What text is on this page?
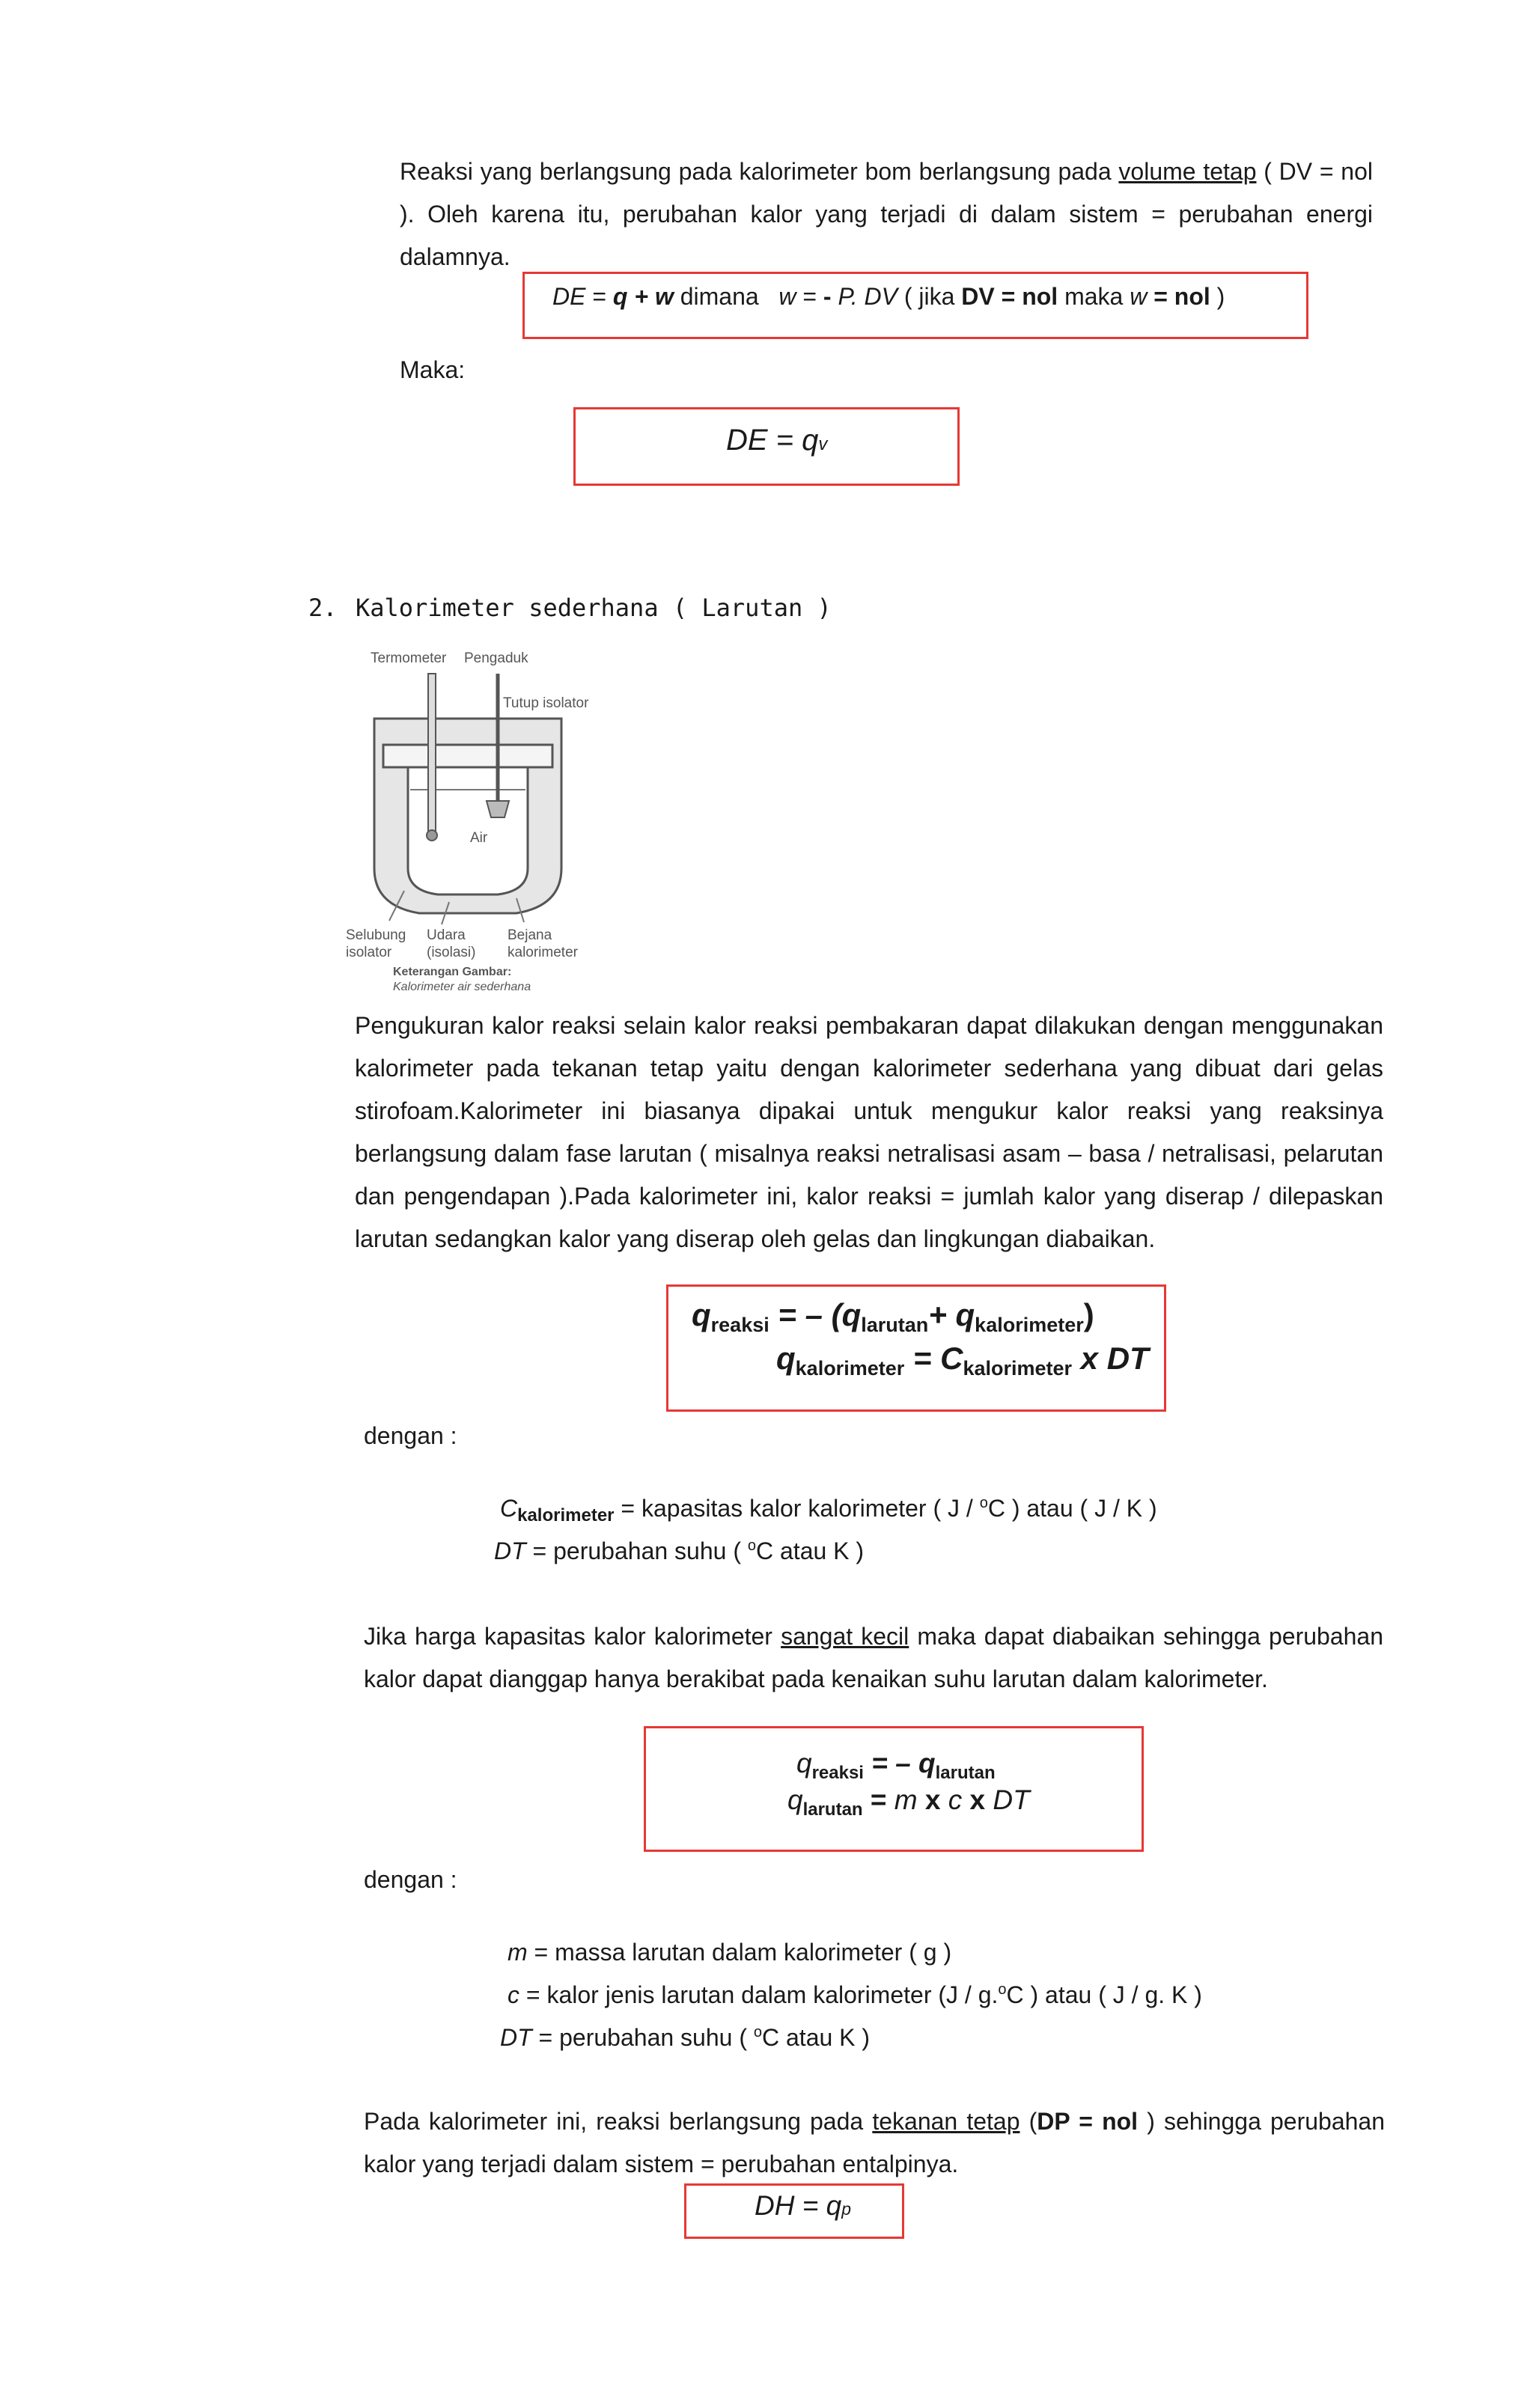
Reaksi yang berlangsung pada kalorimeter bom berlangsung pada volume tetap ( DV = nol ). Oleh karena itu, perubahan kalor yang terjadi di dalam sistem = perubahan energi dalamnya.

DE = q + w dimana   w = - P. DV ( jika DV = nol maka w = nol )
Maka:
DE = qv
2. Kalorimeter sederhana ( Larutan )
Termometer Pengaduk
Tutup isolator
Air
Selubung
isolator
Udara
(isolasi)
Bejana
kalorimeter
Keterangan Gambar:
Kalorimeter air sederhana

Pengukuran kalor reaksi selain kalor reaksi pembakaran dapat dilakukan dengan menggunakan kalorimeter pada tekanan tetap yaitu dengan kalorimeter sederhana yang dibuat dari gelas stirofoam.Kalorimeter ini biasanya dipakai untuk mengukur kalor reaksi yang reaksinya berlangsung dalam fase larutan ( misalnya reaksi netralisasi asam – basa / netralisasi, pelarutan dan pengendapan ).Pada kalorimeter ini, kalor reaksi = jumlah kalor yang diserap / dilepaskan larutan sedangkan kalor yang diserap oleh gelas dan lingkungan diabaikan.

$q_{reaksi}$ = – $(q_{larutan}+ q_{kalorimeter})$
$q_{kalorimeter} = C_{kalorimeter}$ x DT
dengan :
$C_{kalorimeter}$ = kapasitas kalor kalorimeter ( J / $^o$C ) atau ( J / K )
DT = perubahan suhu ( $^o$C atau K )

Jika harga kapasitas kalor kalorimeter sangat kecil maka dapat diabaikan sehingga perubahan kalor dapat dianggap hanya berakibat pada kenaikan suhu larutan dalam kalorimeter.

$q_{reaksi}$ = – $q_{larutan}$
$q_{larutan} = m$ x c x DT
dengan :
m = massa larutan dalam kalorimeter ( g )
c = kalor jenis larutan dalam kalorimeter (J / g.$^o$C ) atau ( J / g. K )
DT = perubahan suhu ( $^o$C atau K )

Pada kalorimeter ini, reaksi berlangsung pada tekanan tetap (DP = nol ) sehingga perubahan kalor yang terjadi dalam sistem = perubahan entalpinya.

DH = qp
